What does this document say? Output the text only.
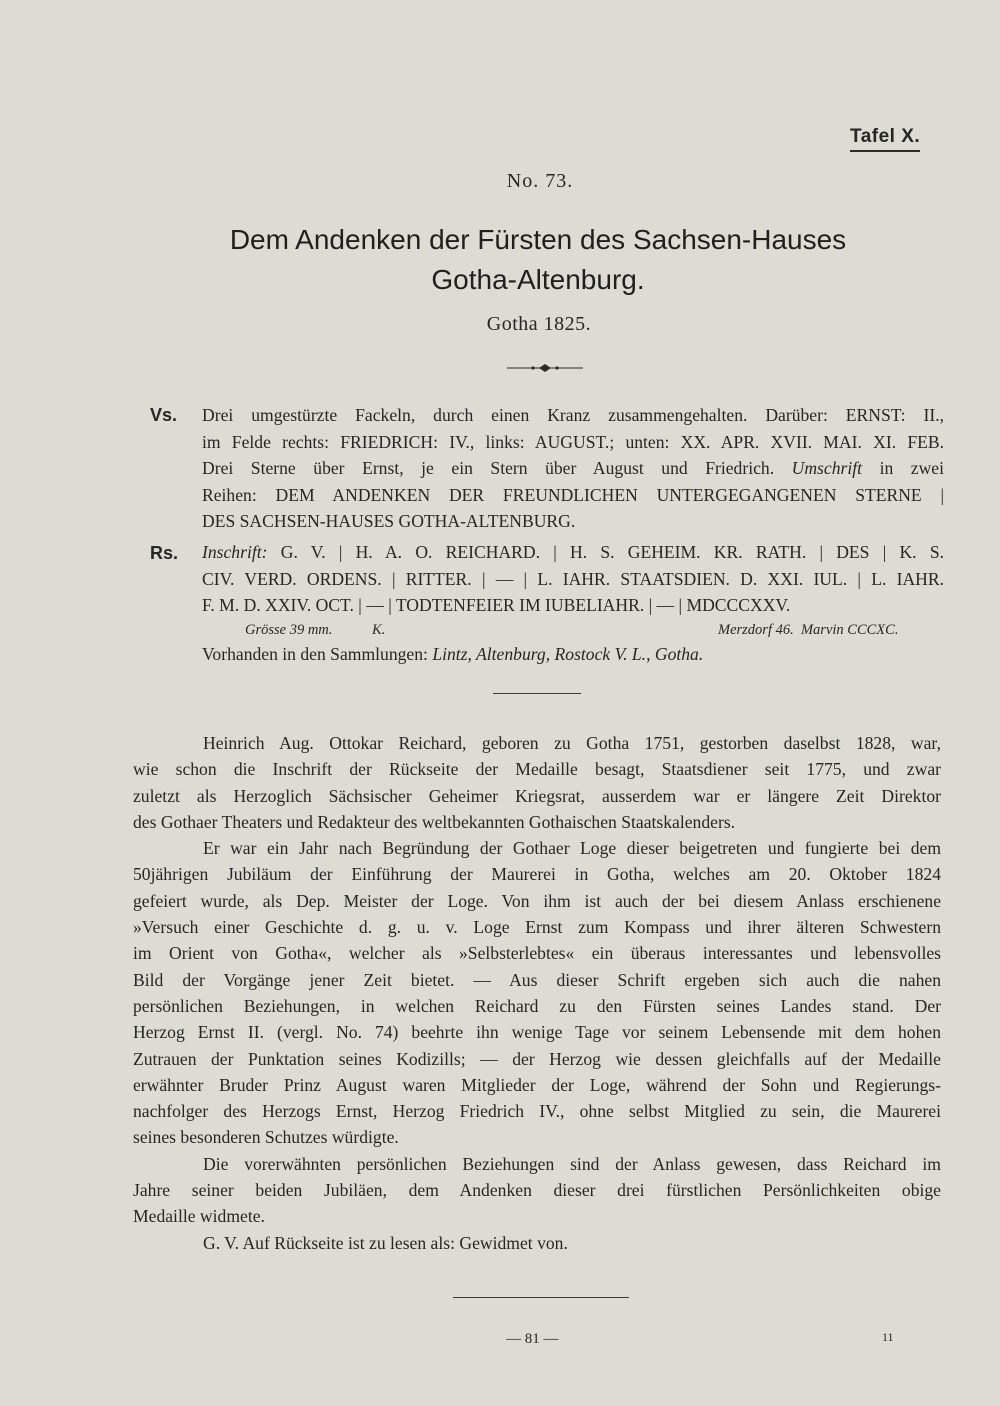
Tafel X.
No. 73.
Dem Andenken der Fürsten des Sachsen-Hauses
Gotha-Altenburg.
Gotha 1825.
Vs. Drei umgestürzte Fackeln, durch einen Kranz zusammengehalten. Darüber: ERNST: II.,
im Felde rechts: FRIEDRICH: IV., links: AUGUST.; unten: XX. APR. XVII. MAI. XI. FEB.
Drei Sterne über Ernst, je ein Stern über August und Friedrich. Umschrift in zwei
Reihen: DEM ANDENKEN DER FREUNDLICHEN UNTERGEGANGENEN STERNE |
DES SACHSEN-HAUSES GOTHA-ALTENBURG.
Rs. Inschrift: G. V. | H. A. O. REICHARD. | H. S. GEHEIM. KR. RATH. | DES | K. S.
CIV. VERD. ORDENS. | RITTER. | — | L. IAHR. STAATSDIEN. D. XXI. IUL. | L. IAHR.
F. M. D. XXIV. OCT. | — | TODTENFEIER IM IUBELIAHR. | — | MDCCCXXV.
Grösse 39 mm.	K.	Merzdorf 46.  Marvin CCCXC.
Vorhanden in den Sammlungen: Lintz, Altenburg, Rostock V. L., Gotha.
Heinrich Aug. Ottokar Reichard, geboren zu Gotha 1751, gestorben daselbst 1828, war,
wie schon die Inschrift der Rückseite der Medaille besagt, Staatsdiener seit 1775, und zwar
zuletzt als Herzoglich Sächsischer Geheimer Kriegsrat, ausserdem war er längere Zeit Direktor
des Gothaer Theaters und Redakteur des weltbekannten Gothaischen Staatskalenders.
Er war ein Jahr nach Begründung der Gothaer Loge dieser beigetreten und fungierte bei dem
50jährigen Jubiläum der Einführung der Maurerei in Gotha, welches am 20. Oktober 1824
gefeiert wurde, als Dep. Meister der Loge. Von ihm ist auch der bei diesem Anlass erschienene
»Versuch einer Geschichte d. g. u. v. Loge Ernst zum Kompass und ihrer älteren Schwestern
im Orient von Gotha«, welcher als »Selbsterlebtes« ein überaus interessantes und lebensvolles
Bild der Vorgänge jener Zeit bietet. — Aus dieser Schrift ergeben sich auch die nahen
persönlichen Beziehungen, in welchen Reichard zu den Fürsten seines Landes stand. Der
Herzog Ernst II. (vergl. No. 74) beehrte ihn wenige Tage vor seinem Lebensende mit dem hohen
Zutrauen der Punktation seines Kodizills; — der Herzog wie dessen gleichfalls auf der Medaille
erwähnter Bruder Prinz August waren Mitglieder der Loge, während der Sohn und Regierungs-
nachfolger des Herzogs Ernst, Herzog Friedrich IV., ohne selbst Mitglied zu sein, die Maurerei
seines besonderen Schutzes würdigte.
Die vorerwähnten persönlichen Beziehungen sind der Anlass gewesen, dass Reichard im
Jahre seiner beiden Jubiläen, dem Andenken dieser drei fürstlichen Persönlichkeiten obige
Medaille widmete.
G. V. Auf Rückseite ist zu lesen als: Gewidmet von.
— 81 —	11
